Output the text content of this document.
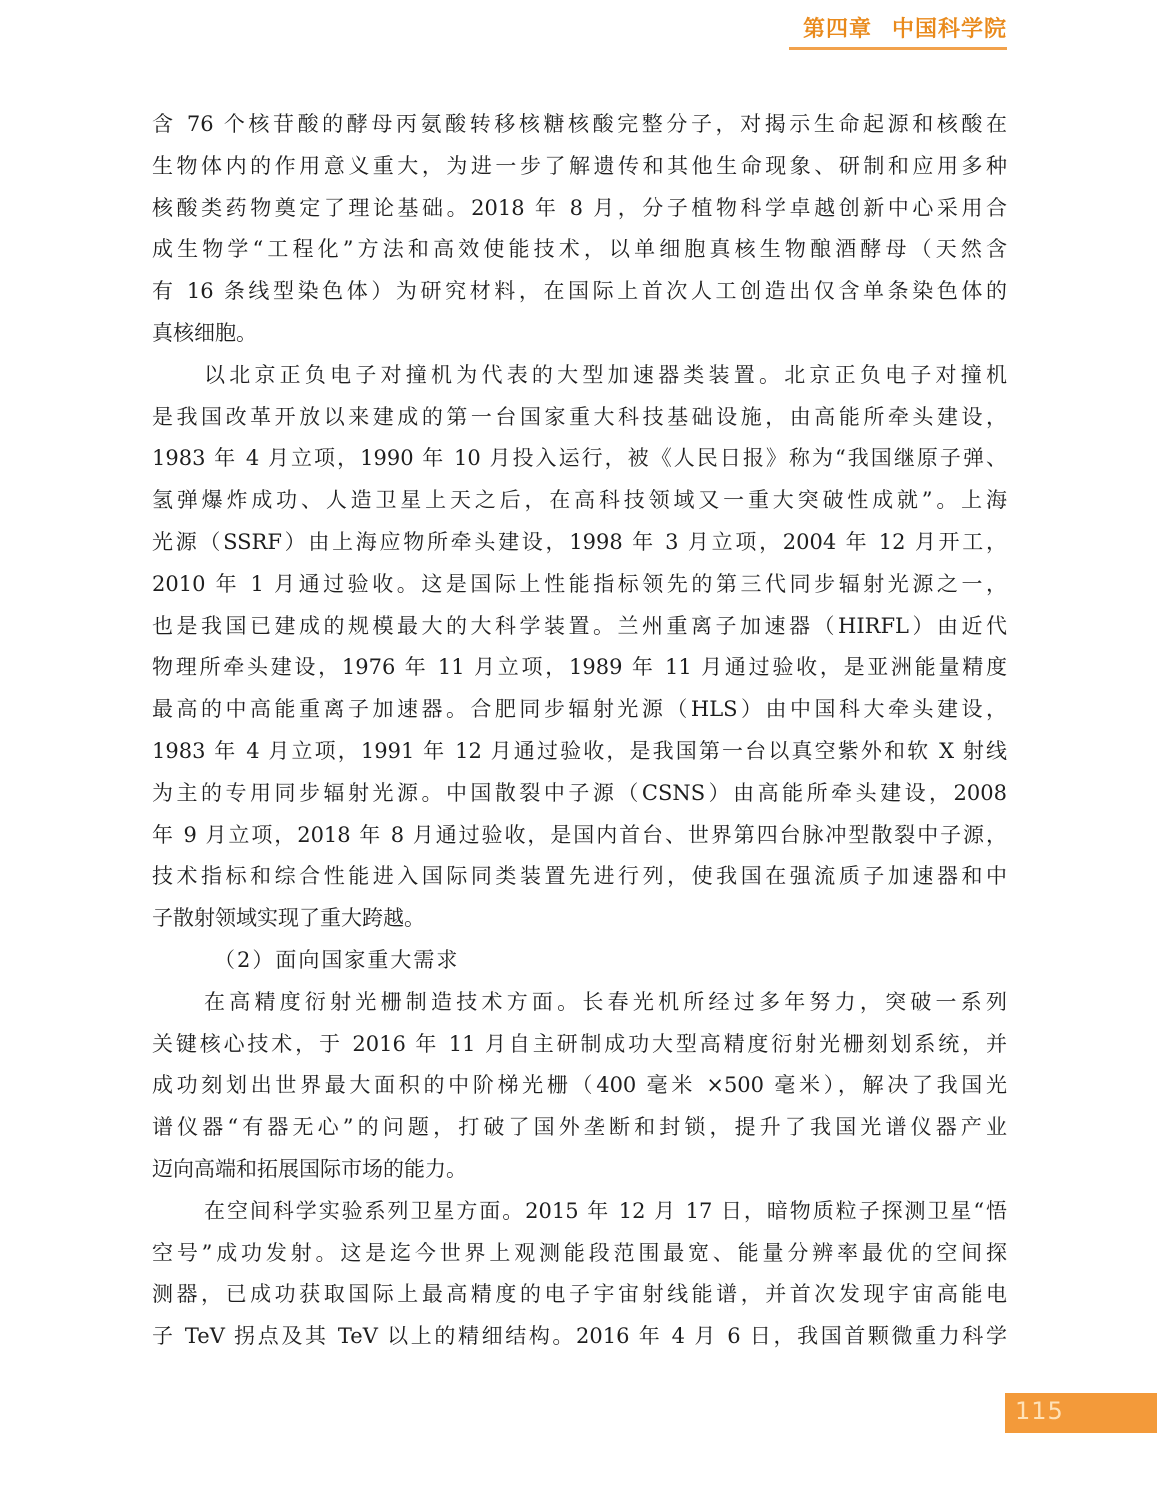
第四章 中国科学院
含 76 个核苷酸的酵母丙氨酸转移核糖核酸完整分子，对揭示生命起源和核酸在
生物体内的作用意义重大，为进一步了解遗传和其他生命现象、研制和应用多种
核酸类药物奠定了理论基础。2018 年 8 月，分子植物科学卓越创新中心采用合
成生物学“工程化”方法和高效使能技术，以单细胞真核生物酿酒酵母（天然含
有 16 条线型染色体）为研究材料，在国际上首次人工创造出仅含单条染色体的
真核细胞。
以北京正负电子对撞机为代表的大型加速器类装置。北京正负电子对撞机
是我国改革开放以来建成的第一台国家重大科技基础设施，由高能所牵头建设，
1983 年 4 月立项，1990 年 10 月投入运行，被《人民日报》称为“我国继原子弹、
氢弹爆炸成功、人造卫星上天之后，在高科技领域又一重大突破性成就”。上海
光源（SSRF）由上海应物所牵头建设，1998 年 3 月立项，2004 年 12 月开工，
2010 年 1 月通过验收。这是国际上性能指标领先的第三代同步辐射光源之一，
也是我国已建成的规模最大的大科学装置。兰州重离子加速器（HIRFL）由近代
物理所牵头建设，1976 年 11 月立项，1989 年 11 月通过验收，是亚洲能量精度
最高的中高能重离子加速器。合肥同步辐射光源（HLS）由中国科大牵头建设，
1983 年 4 月立项，1991 年 12 月通过验收，是我国第一台以真空紫外和软 X 射线
为主的专用同步辐射光源。中国散裂中子源（CSNS）由高能所牵头建设，2008
年 9 月立项，2018 年 8 月通过验收，是国内首台、世界第四台脉冲型散裂中子源，
技术指标和综合性能进入国际同类装置先进行列，使我国在强流质子加速器和中
子散射领域实现了重大跨越。
（2）面向国家重大需求
在高精度衍射光栅制造技术方面。长春光机所经过多年努力，突破一系列
关键核心技术，于 2016 年 11 月自主研制成功大型高精度衍射光栅刻划系统，并
成功刻划出世界最大面积的中阶梯光栅（400 毫米 ×500 毫米），解决了我国光
谱仪器“有器无心”的问题，打破了国外垄断和封锁，提升了我国光谱仪器产业
迈向高端和拓展国际市场的能力。
在空间科学实验系列卫星方面。2015 年 12 月 17 日，暗物质粒子探测卫星“悟
空号”成功发射。这是迄今世界上观测能段范围最宽、能量分辨率最优的空间探
测器，已成功获取国际上最高精度的电子宇宙射线能谱，并首次发现宇宙高能电
子 TeV 拐点及其 TeV 以上的精细结构。2016 年 4 月 6 日，我国首颗微重力科学
115
